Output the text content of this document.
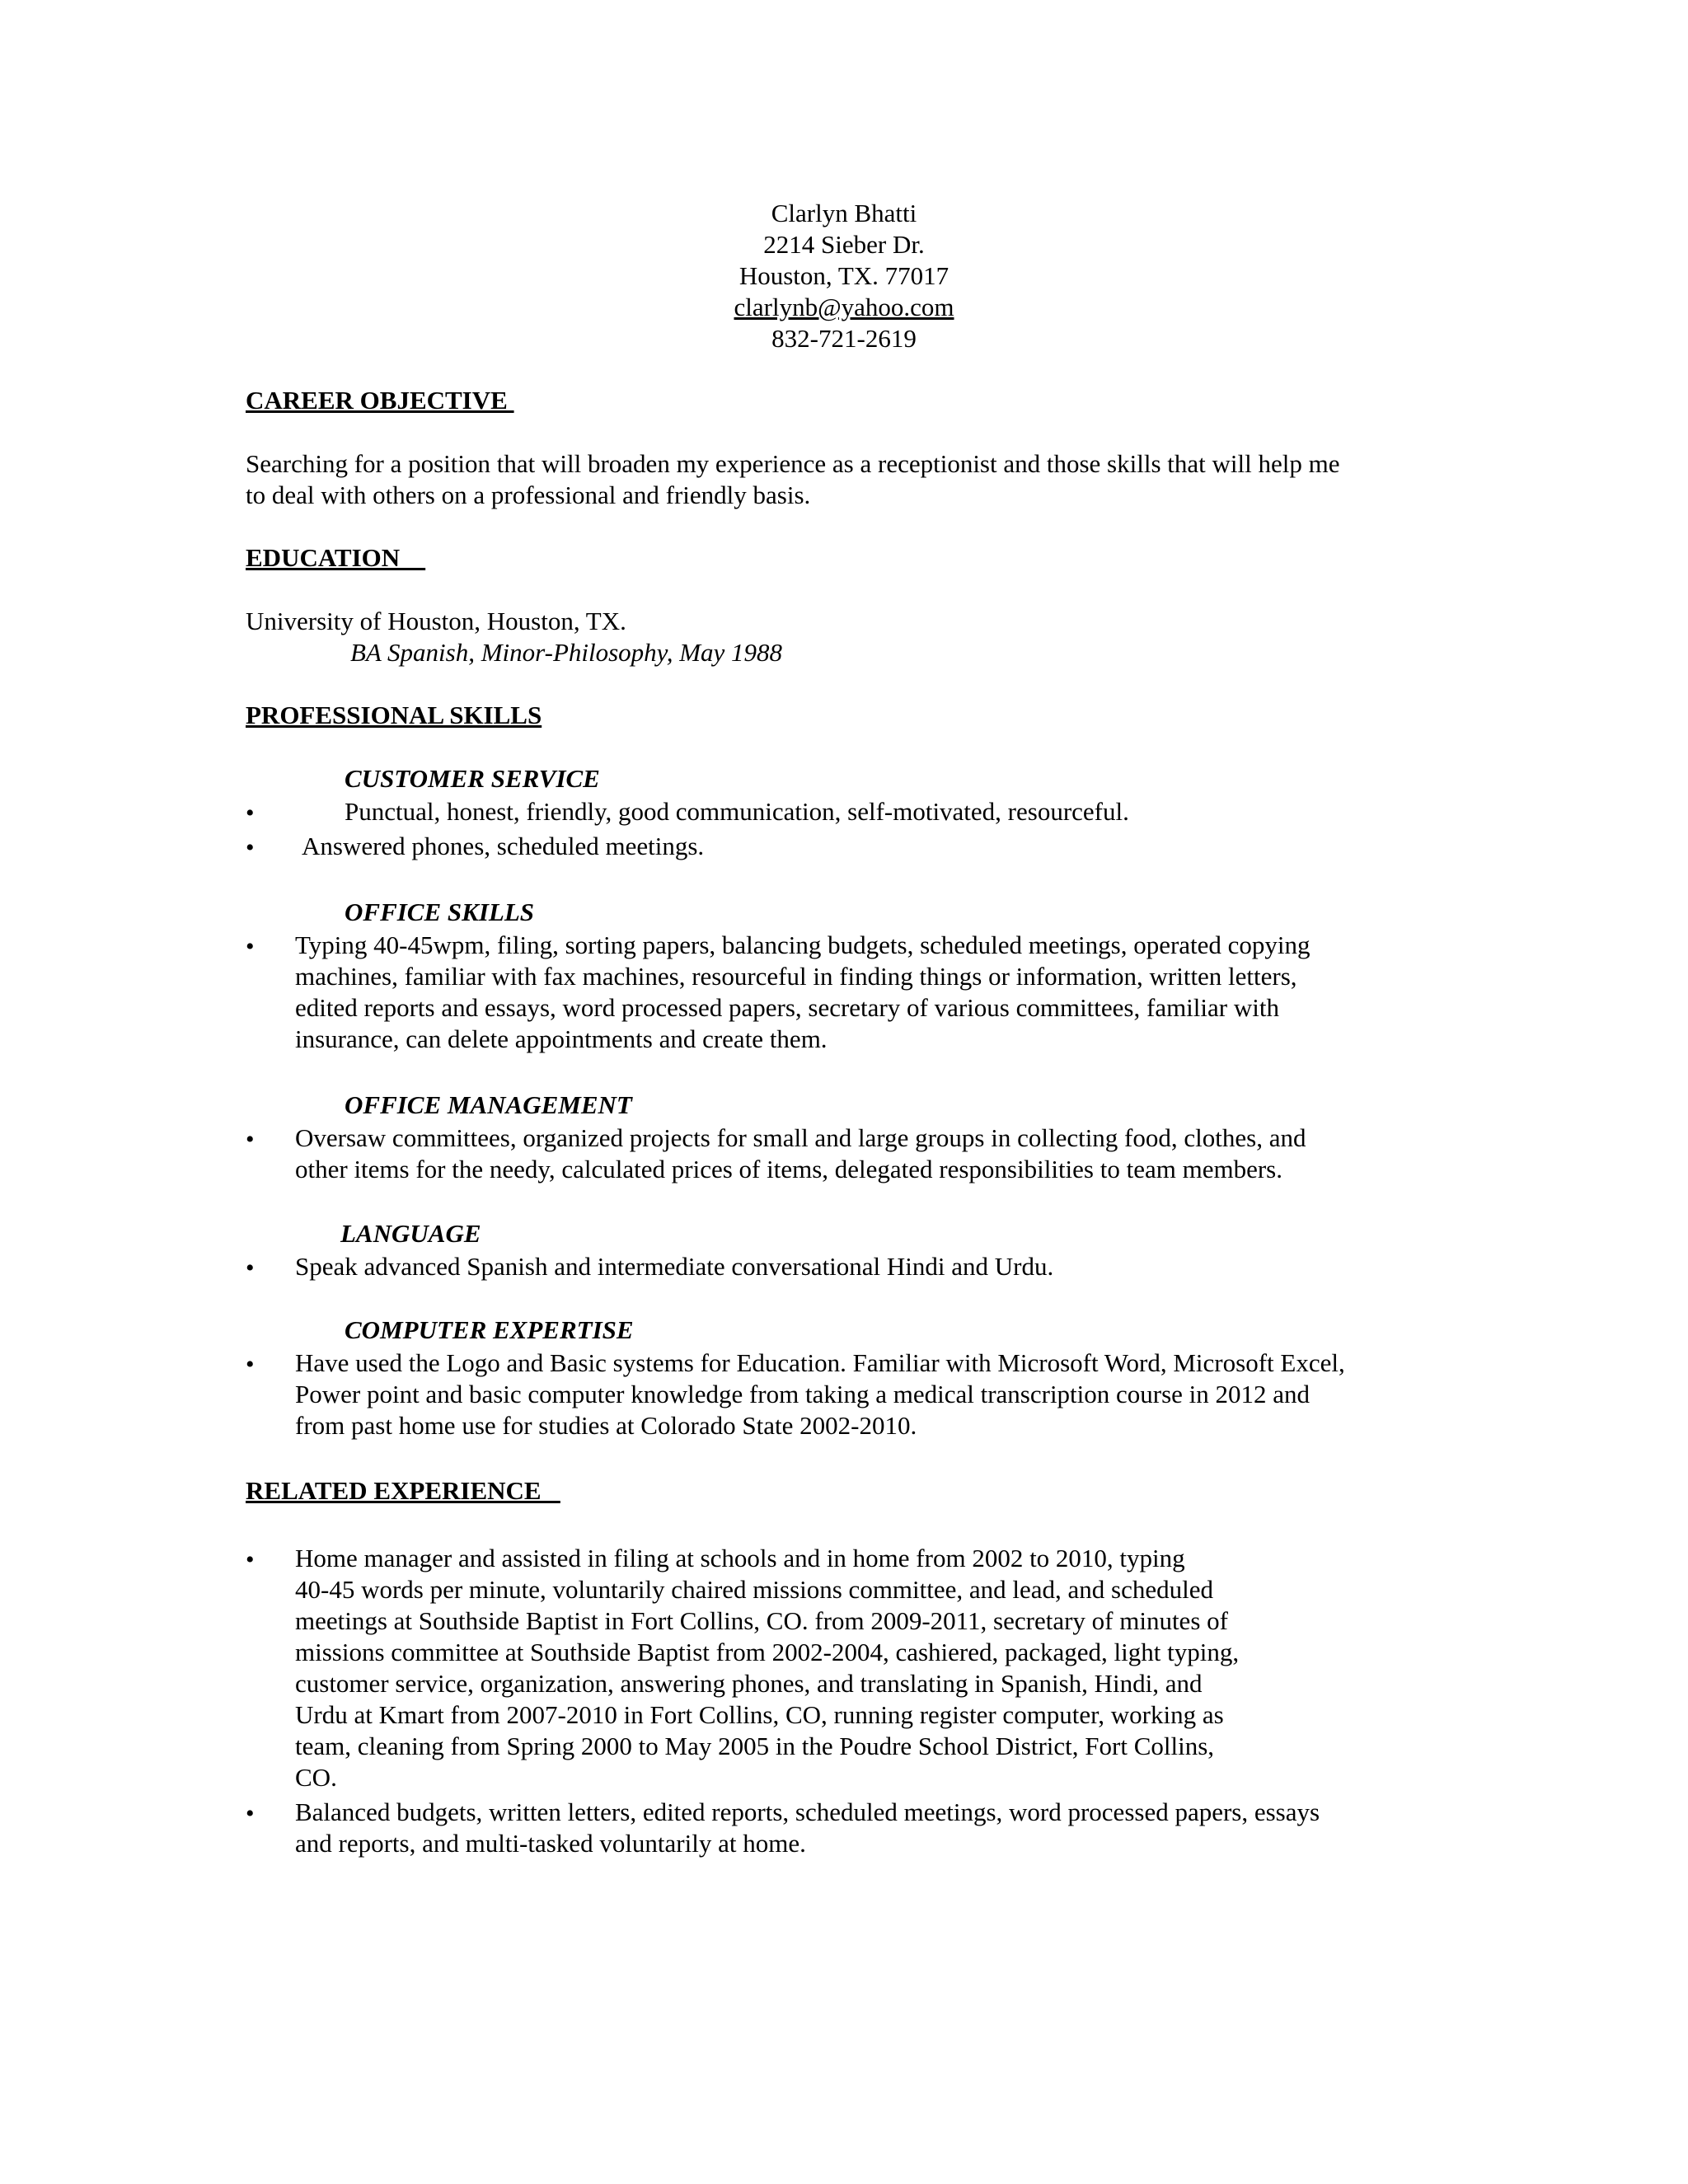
Clarlyn Bhatti
2214 Sieber Dr.
Houston, TX. 77017
clarlynb@yahoo.com
832-721-2619
CAREER OBJECTIVE
Searching for a position that will broaden my experience as a receptionist and those skills that will help me
to deal with others on a professional and friendly basis.
EDUCATION
University of Houston, Houston, TX.
BA Spanish, Minor-Philosophy, May 1988
PROFESSIONAL SKILLS
CUSTOMER SERVICE
•	Punctual, honest, friendly, good communication, self-motivated, resourceful.
• Answered phones, scheduled meetings.
OFFICE SKILLS
• Typing 40-45wpm, filing, sorting papers, balancing budgets, scheduled meetings, operated copying
machines, familiar with fax machines, resourceful in finding things or information, written letters,
edited reports and essays, word processed papers, secretary of various committees, familiar with
insurance, can delete appointments and create them.
OFFICE MANAGEMENT
• Oversaw committees, organized projects for small and large groups in collecting food, clothes, and
other items for the needy, calculated prices of items, delegated responsibilities to team members.
LANGUAGE
• Speak advanced Spanish and intermediate conversational Hindi and Urdu.
COMPUTER EXPERTISE
• Have used the Logo and Basic systems for Education. Familiar with Microsoft Word, Microsoft Excel,
Power point and basic computer knowledge from taking a medical transcription course in 2012 and
from past home use for studies at Colorado State 2002-2010.
RELATED EXPERIENCE
• Home manager and assisted in filing at schools and in home from 2002 to 2010, typing
40-45 words per minute, voluntarily chaired missions committee, and lead, and scheduled
meetings at Southside Baptist in Fort Collins, CO. from 2009-2011, secretary of minutes of
missions committee at Southside Baptist from 2002-2004, cashiered, packaged, light typing,
customer service, organization, answering phones, and translating in Spanish, Hindi, and
Urdu at Kmart from 2007-2010 in Fort Collins, CO, running register computer, working as
team, cleaning from Spring 2000 to May 2005 in the Poudre School District, Fort Collins,
CO.
• Balanced budgets, written letters, edited reports, scheduled meetings, word processed papers, essays
and reports, and multi-tasked voluntarily at home.
